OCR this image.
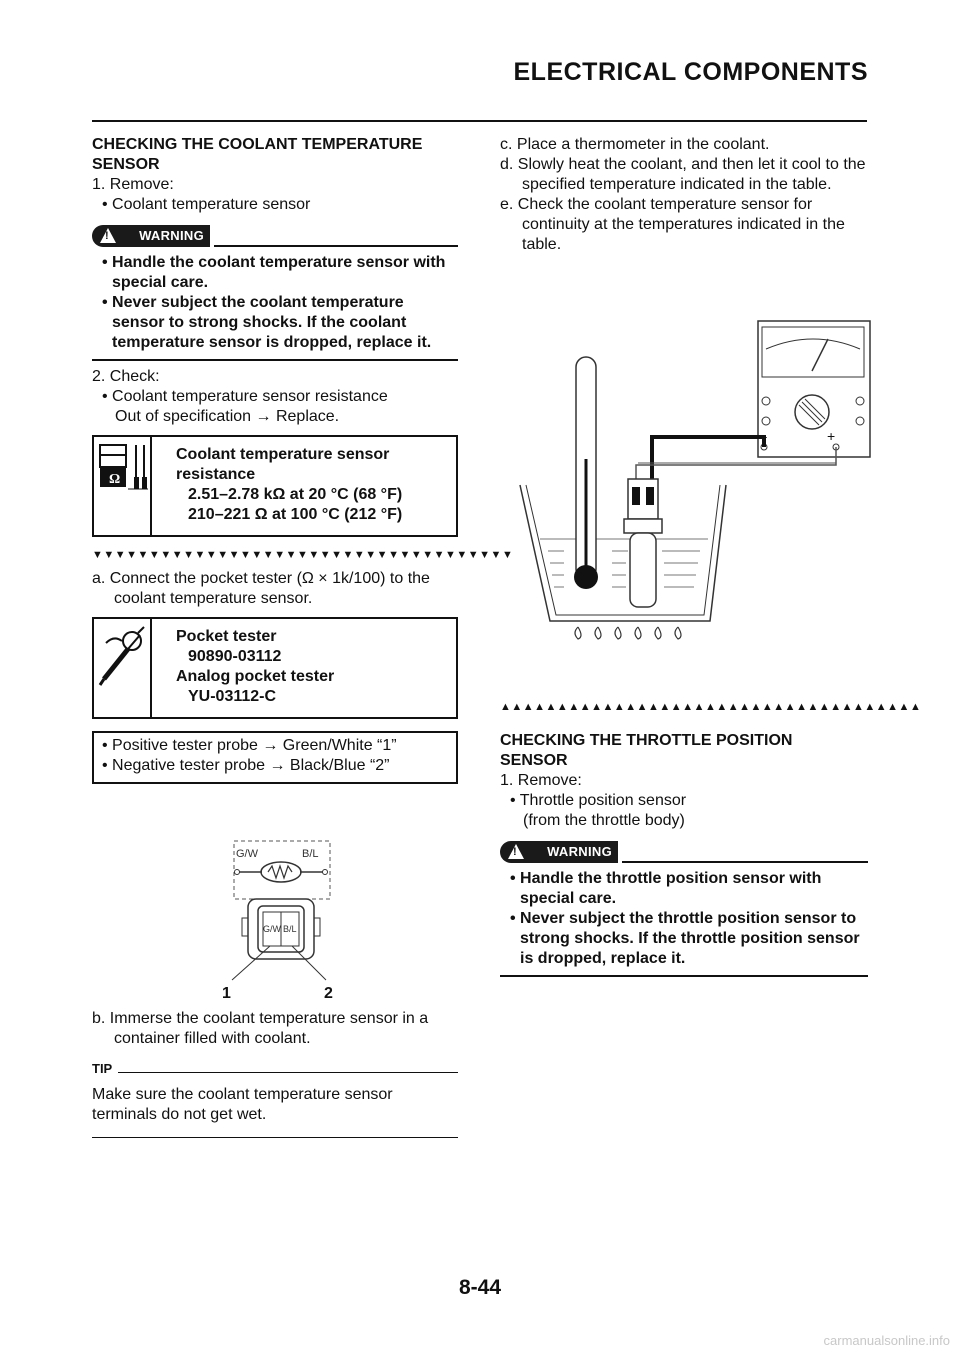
ELECTRICAL COMPONENTS

CHECKING THE COOLANT TEMPERATURE

SENSOR

1. Remove:

• Coolant temperature sensor

! WARNING
• Handle the coolant temperature sensor with special care.
• Never subject the coolant temperature sensor to strong shocks. If the coolant temperature sensor is dropped, replace it.

2. Check:

• Coolant temperature sensor resistance

Out of specification → Replace.

Ω
Coolant temperature sensor resistance
2.51–2.78 kΩ at 20 °C (68 °F)
210–221 Ω at 100 °C (212 °F)
▼▼▼▼▼▼▼▼▼▼▼▼▼▼▼▼▼▼▼▼▼▼▼▼▼▼▼▼▼▼▼▼▼▼▼▼▼

a. Connect the pocket tester (Ω × 1k/100) to the coolant temperature sensor.

Pocket tester
90890-03112
Analog pocket tester
YU-03112-C
• Positive tester probe → Green/White “1”
• Negative tester probe → Black/Blue “2”
G/W	B/L
G/W B/L
1	2

b. Immerse the coolant temperature sensor in a container filled with coolant.

TIP
Make sure the coolant temperature sensor terminals do not get wet.

c. Place a thermometer in the coolant.

d. Slowly heat the coolant, and then let it cool to the specified temperature indicated in the table.

e. Check the coolant temperature sensor for continuity at the temperatures indicated in the table.

–	+
▲▲▲▲▲▲▲▲▲▲▲▲▲▲▲▲▲▲▲▲▲▲▲▲▲▲▲▲▲▲▲▲▲▲▲▲▲

CHECKING THE THROTTLE POSITION

SENSOR

1. Remove:

• Throttle position sensor

(from the throttle body)

! WARNING
• Handle the throttle position sensor with special care.
• Never subject the throttle position sensor to strong shocks. If the throttle position sensor is dropped, replace it.
8-44
carmanualsonline.info
